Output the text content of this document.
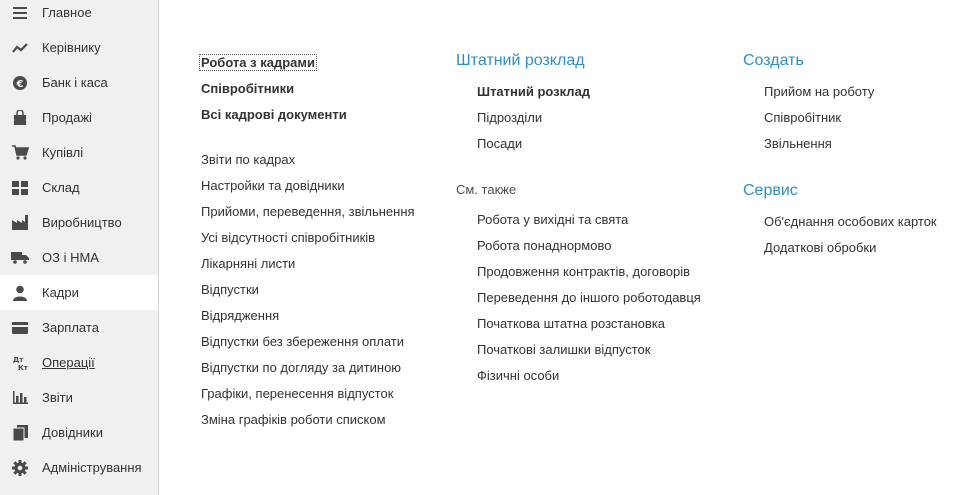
Главное
Керівнику
€ Банк і каса
Продажі
Купівлі
Склад
Виробництво
ОЗ і НМА
Кадри
Зарплата
Дт
Кт Операції
Звіти
Довідники
Адміністрування
Робота з кадрами
Співробітники
Всі кадрові документи
Звіти по кадрах
Настройки та довідники
Прийоми, переведення, звільнення
Усі відсутності співробітників
Лікарняні листи
Відпустки
Відрядження
Відпустки без збереження оплати
Відпустки по догляду за дитиною
Графіки, перенесення відпусток
Зміна графіків роботи списком
Штатний розклад
Штатний розклад
Підрозділи
Посади
См. также
Робота у вихідні та свята
Робота понаднормово
Продовження контрактів, договорів
Переведення до іншого роботодавця
Початкова штатна розстановка
Початкові залишки відпусток
Фізичні особи
Создать
Прийом на роботу
Співробітник
Звільнення
Сервис
Об'єднання особових карток
Додаткові обробки
